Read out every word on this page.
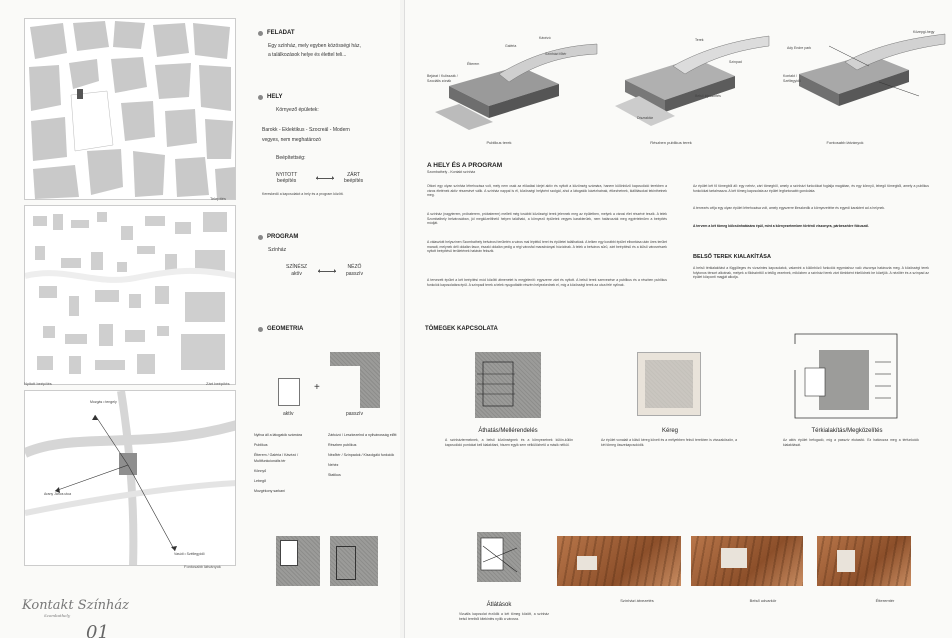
Telepítés
Nyitott beépítés	Zárt beépítés
Mozgás • tengely
Arany János utca
Vasúti • Széllegyidő
Fontosabb látványok
FELADAT
Egy színház, mely egyben közösségi ház,
a találkozások helye és élettel teli...
HELY
Környező épületek:
Barokk - Eklektikus - Szocreál - Modern
vegyes, nem meghatározó
Beépítettség:
NYITOTT
beépítés
ZÁRT
beépítés
Kereskedő a kapcsolatot a hely és a program között.
PROGRAM
Színház
SZÍNÉSZ
aktív
NÉZŐ
passzív
GEOMETRIA
+
aktív	passzív
Nyitva áll a látogatók számára
Publikus
Étterem / Galéria / Kávézó / Multifunkcionális tér
Könnyű
Lebegő
Mozgékony sarkaní
Zárkózó / Leszkezelnd a nyilvánosság előtt
Részben publikus
Nézőtér / Színpadok / Kiszolgáló funkciók
Nehéz
Statikus
Kontakt Színház
Szombathely
01
Galéria
Étterem
Színházi főtér
Kávézó
Bejárat / Kulisszák / Szociális zónák
Terek
Színpad
Belső kijeszintés
Díszraktár
Közepgi-hegy
Ady Endre park
Kontakt / Széllegyidő
Publikus terek	Részben publikus terek	Fontosabb látványok
A HELY ÉS A PROGRAM
Szombathely - Kontakt színház
Ottoni egy olyan színház létrehozása volt, mely nem csak az előadási idejei aktív és nyitott a közönség számára, hanem különböző kapcsolódó terekben a város életének aktív részesévé válik. A színház nappal is él, közösségi helyként szolgál, ahol a látogatók kávézhatnak, étkezhetnek, kiállításokat tekinthetnek meg.
A színház (nagyterem, próbaterem, próbaterem) mellett még további közösségi terek jelennek meg az épületben, melyek a városi élet részévé teszik. A telek Szombathely belvárosában, jól megközelíthető helyen található, a környező épületek vegyes karakterűek, nem határozzák meg egyértelműen a beépítés módját.
A választott helyszínen Szombathely belvárosi területén a város mai léptékű terei és épületei találhatóak. A telken egy korábbi épület elbontása után üres terület maradt, melynek déli oldalán fasor, északi oldalán pedig a régi városfal maradványai húzódnak. A telek a belváros sűrű, zárt beépítésű és a külső városrészek nyitott beépítésű területének határán fekszik.
A tervezett épület a két beépítési mód közötti átmenetet is megjeleníti: egyszerre zárt és nyitott. A belső terek szervezése a publikus és a részben publikus funkciók kapcsolatára épül. A színpadi terek a telek nyugodtabb részén helyezkednek el, míg a közösségi terek az utca felé nyílnak.
Az épület két fő tömegből áll: egy nehéz, zárt tömegből, amely a színházi funkciókat foglalja magában, és egy könnyű, lebegő tömegből, amely a publikus funkciókat tartalmazza. A két tömeg kapcsolata az épület legfontosabb gondolata.
A tervezés célja egy olyan épület létrehozása volt, amely egyszerre illeszkedik a környezetébe és egyedi karaktert ad a helynek.
A tervem a két tömeg kölcsönhatására épül, mint a környezetemben történő viszonyra, párbeszédre fókuszál.
BELSŐ TEREK KIALAKÍTÁSA
A belső térkialakítást a függőleges és vízszintes kapcsolatok, valamint a különböző funkciók egymáshoz való viszonya határozta meg. A közösségi terek folytonos térsort alkotnak, melyek a földszinttől a tetőig vezetnek, miközben a színházi terek zárt tömbként ékelődnek be közéjük. A nézőtér és a színpad az épület központi magját alkotja.
TÖMEGEK KAPCSOLATA
Áthatás/Mellérendelés
A színháztermeknek, a belső közönségnek és a környezetnek külön-külön kapcsolódó pontokat kell kialakítani, hiszen egyik sem nélkülözhető a másik nélkül.
Kéreg
Az épület vonalait a külső kéreg követi és a mélyebben fekvő terekben is visszaköszön, a két tömeg összekapcsolódik.
Térkialakítás/Megközelítés
Az aktív épület befogadó, míg a passzív elutasító. Ez határozza meg a térfunkciók kialakítását.
Átlátások
Vizuális kapcsolat érződik a két tömeg között, a színház belső tereiből kitekintés nyílik a városra.
Színházi átvezetés	Belső udvarkör	Étteremtér
